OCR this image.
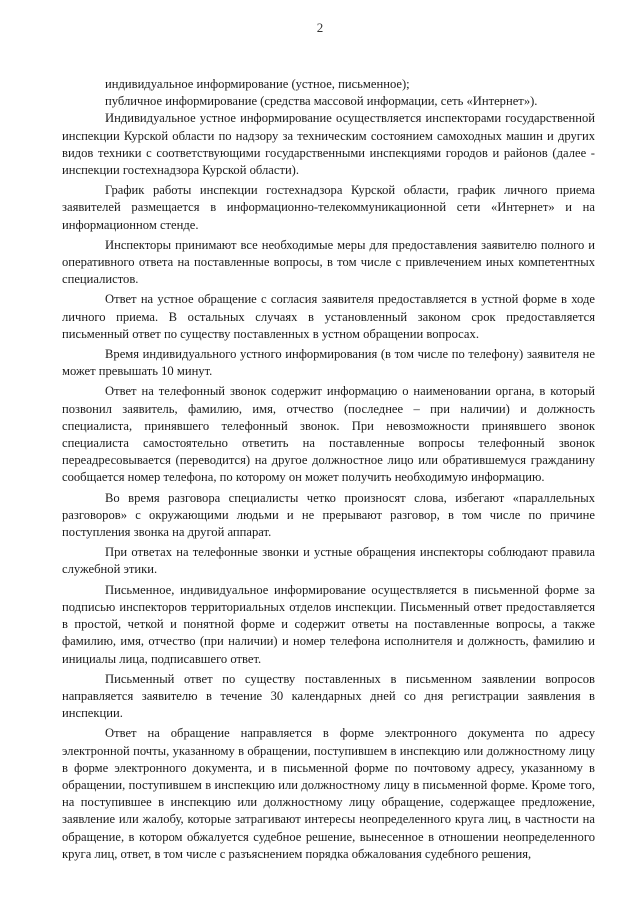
2

индивидуальное информирование (устное, письменное);

публичное информирование (средства массовой информации, сеть «Интернет»).

Индивидуальное устное информирование осуществляется инспекторами государственной инспекции Курской области по надзору за техническим состоянием самоходных машин и других видов техники с соответствующими государственными инспекциями городов и районов (далее - инспекции гостехнадзора Курской области).

График работы инспекции гостехнадзора Курской области, график личного приема заявителей размещается в информационно-телекоммуникационной сети «Интернет» и на информационном стенде.

Инспекторы принимают все необходимые меры для предоставления заявителю полного и оперативного ответа на поставленные вопросы, в том числе с привлечением иных компетентных специалистов.

Ответ на устное обращение с согласия заявителя предоставляется в устной форме в ходе личного приема. В остальных случаях в установленный законом срок предоставляется письменный ответ по существу поставленных в устном обращении вопросах.

Время индивидуального устного информирования (в том числе по телефону) заявителя не может превышать 10 минут.

Ответ на телефонный звонок содержит информацию о наименовании органа, в который позвонил заявитель, фамилию, имя, отчество (последнее – при наличии) и должность специалиста, принявшего телефонный звонок. При невозможности принявшего звонок специалиста самостоятельно ответить на поставленные вопросы телефонный звонок переадресовывается (переводится) на другое должностное лицо или обратившемуся гражданину сообщается номер телефона, по которому он может получить необходимую информацию.

Во время разговора специалисты четко произносят слова, избегают «параллельных разговоров» с окружающими людьми и не прерывают разговор, в том числе по причине поступления звонка на другой аппарат.

При ответах на телефонные звонки и устные обращения инспекторы соблюдают правила служебной этики.

Письменное, индивидуальное информирование осуществляется в письменной форме за подписью инспекторов территориальных отделов инспекции. Письменный ответ предоставляется в простой, четкой и понятной форме и содержит ответы на поставленные вопросы, а также фамилию, имя, отчество (при наличии) и номер телефона исполнителя и должность, фамилию и инициалы лица, подписавшего ответ.

Письменный ответ по существу поставленных в письменном заявлении вопросов направляется заявителю в течение 30 календарных дней со дня регистрации заявления в инспекции.

Ответ на обращение направляется в форме электронного документа по адресу электронной почты, указанному в обращении, поступившем в инспекцию или должностному лицу в форме электронного документа, и в письменной форме по почтовому адресу, указанному в обращении, поступившем в инспекцию или должностному лицу в письменной форме. Кроме того, на поступившее в инспекцию или должностному лицу обращение, содержащее предложение, заявление или жалобу, которые затрагивают интересы неопределенного круга лиц, в частности на обращение, в котором обжалуется судебное решение, вынесенное в отношении неопределенного круга лиц, ответ, в том числе с разъяснением порядка обжалования судебного решения,
